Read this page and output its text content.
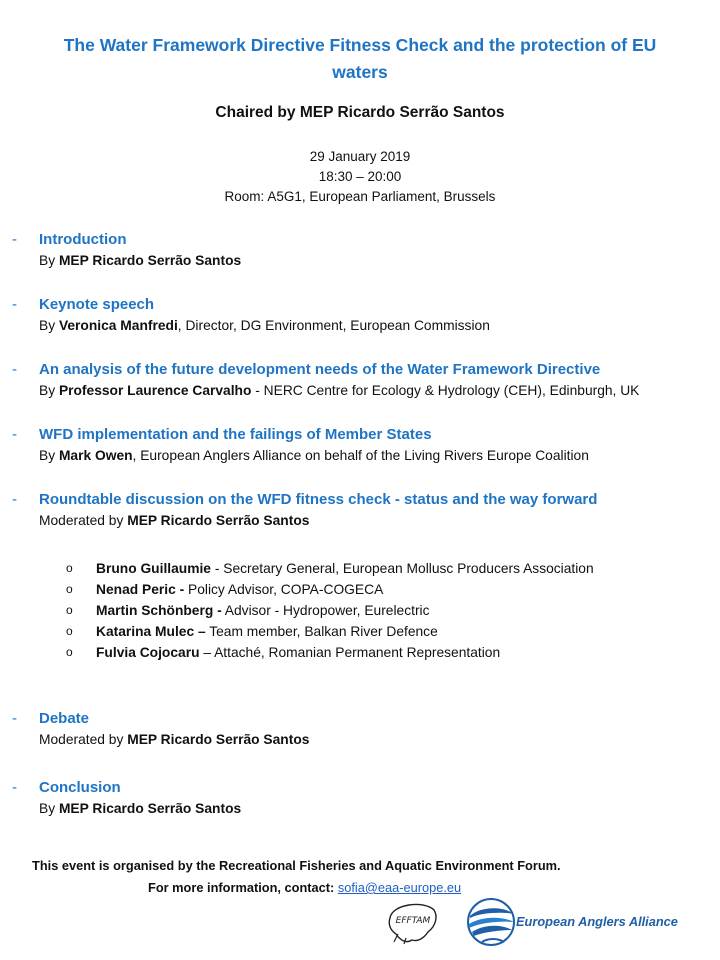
The Water Framework Directive Fitness Check and the protection of EU
waters
Chaired by MEP Ricardo Serrão Santos
29 January 2019
18:30 – 20:00
Room: A5G1, European Parliament, Brussels
- Introduction
By MEP Ricardo Serrão Santos
- Keynote speech
By Veronica Manfredi, Director, DG Environment, European Commission
- An analysis of the future development needs of the Water Framework Directive
By Professor Laurence Carvalho - NERC Centre for Ecology & Hydrology (CEH), Edinburgh, UK
- WFD implementation and the failings of Member States
By Mark Owen, European Anglers Alliance on behalf of the Living Rivers Europe Coalition
- Roundtable discussion on the WFD fitness check - status and the way forward
Moderated by MEP Ricardo Serrão Santos
o Bruno Guillaumie - Secretary General, European Mollusc Producers Association
o Nenad Peric - Policy Advisor, COPA-COGECA
o Martin Schönberg - Advisor - Hydropower, Eurelectric
o Katarina Mulec – Team member, Balkan River Defence
o Fulvia Cojocaru – Attaché, Romanian Permanent Representation
- Debate
Moderated by MEP Ricardo Serrão Santos
- Conclusion
By MEP Ricardo Serrão Santos
This event is organised by the Recreational Fisheries and Aquatic Environment Forum.
For more information, contact: sofia@eaa-europe.eu
EFFTAM	European Anglers Alliance
